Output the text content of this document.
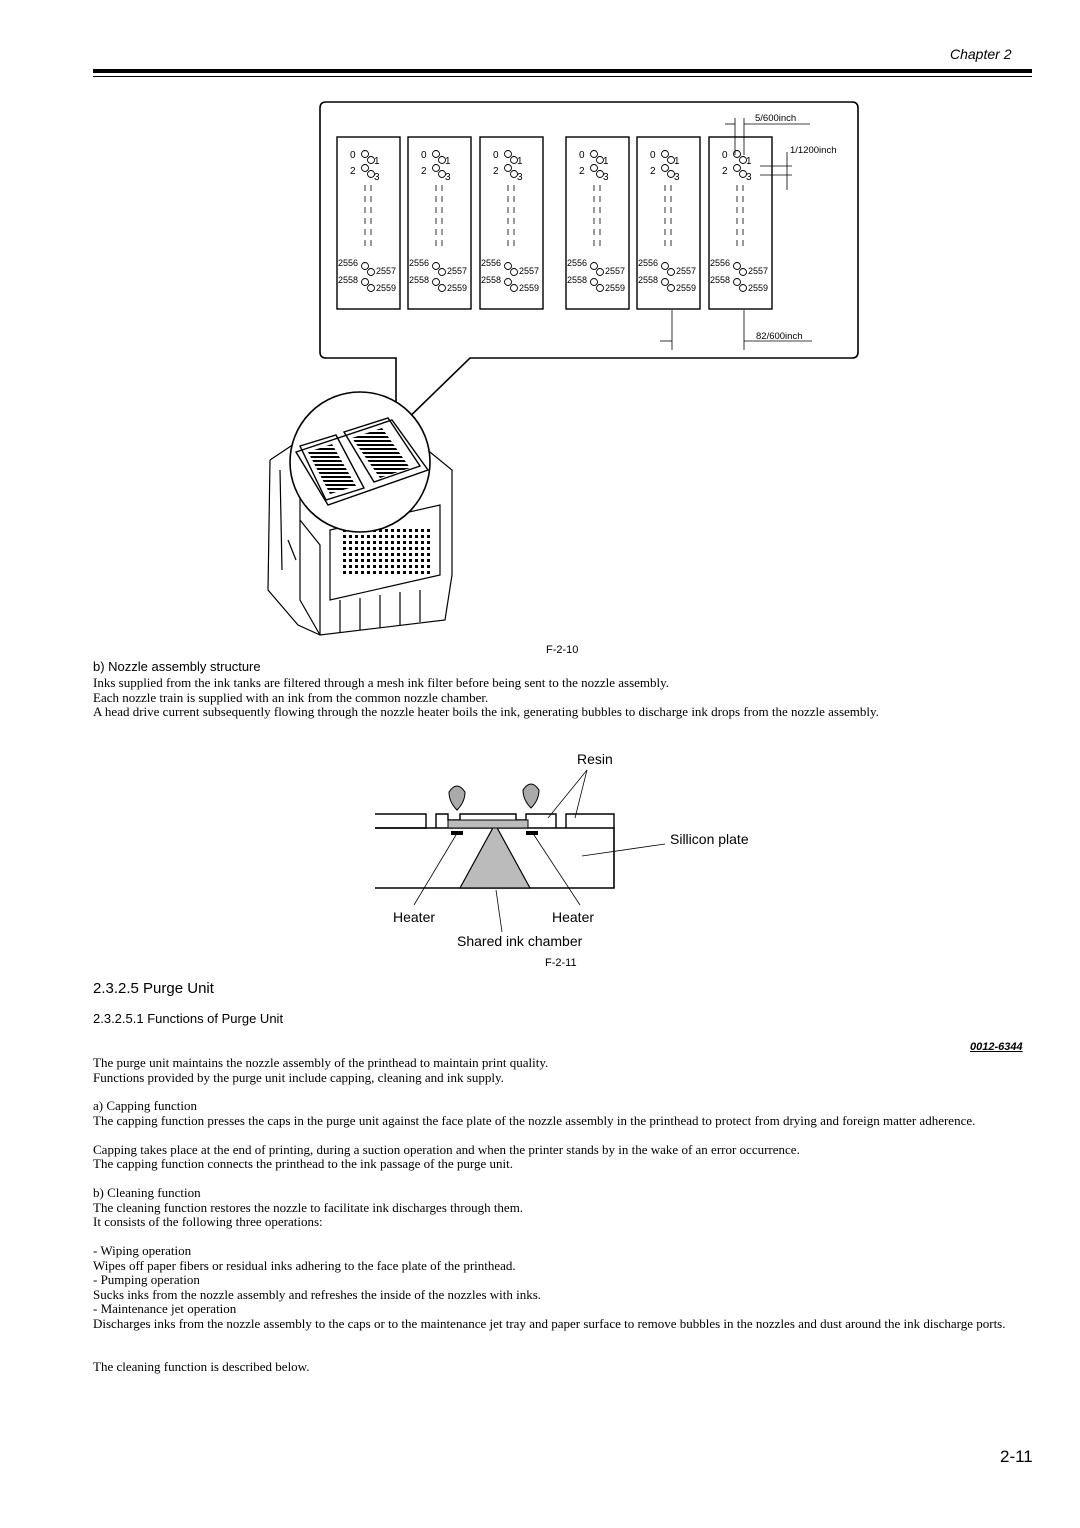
Chapter 2
0
1
2
3
2556
2557
2558
2559
0
1
2
3
2556
2557
2558
2559
0
1
2
3
2556
2557
2558
2559
0
1
2
3
2556
2557
2558
2559
0
1
2
3
2556
2557
2558
2559
0
1
2
3
2556
2557
2558
2559
5/600inch
1/1200inch
82/600inch
F-2-10
b) Nozzle assembly structure
Inks supplied from the ink tanks are filtered through a mesh ink filter before being sent to the nozzle assembly.
Each nozzle train is supplied with an ink from the common nozzle chamber.
A head drive current subsequently flowing through the nozzle heater boils the ink, generating bubbles to discharge ink drops from the nozzle assembly.
Resin
Sillicon plate
Heater	Heater
Shared ink chamber
F-2-11
2.3.2.5 Purge Unit
2.3.2.5.1 Functions of Purge Unit
0012-6344
The purge unit maintains the nozzle assembly of the printhead to maintain print quality.
Functions provided by the purge unit include capping, cleaning and ink supply.
a) Capping function
The capping function presses the caps in the purge unit against the face plate of the nozzle assembly in the printhead to protect from drying and foreign matter adherence.
Capping takes place at the end of printing, during a suction operation and when the printer stands by in the wake of an error occurrence.
The capping function connects the printhead to the ink passage of the purge unit.
b) Cleaning function
The cleaning function restores the nozzle to facilitate ink discharges through them.
It consists of the following three operations:
- Wiping operation
Wipes off paper fibers or residual inks adhering to the face plate of the printhead.
- Pumping operation
Sucks inks from the nozzle assembly and refreshes the inside of the nozzles with inks.
- Maintenance jet operation
Discharges inks from the nozzle assembly to the caps or to the maintenance jet tray and paper surface to remove bubbles in the nozzles and dust around the ink discharge ports.
The cleaning function is described below.
2-11
